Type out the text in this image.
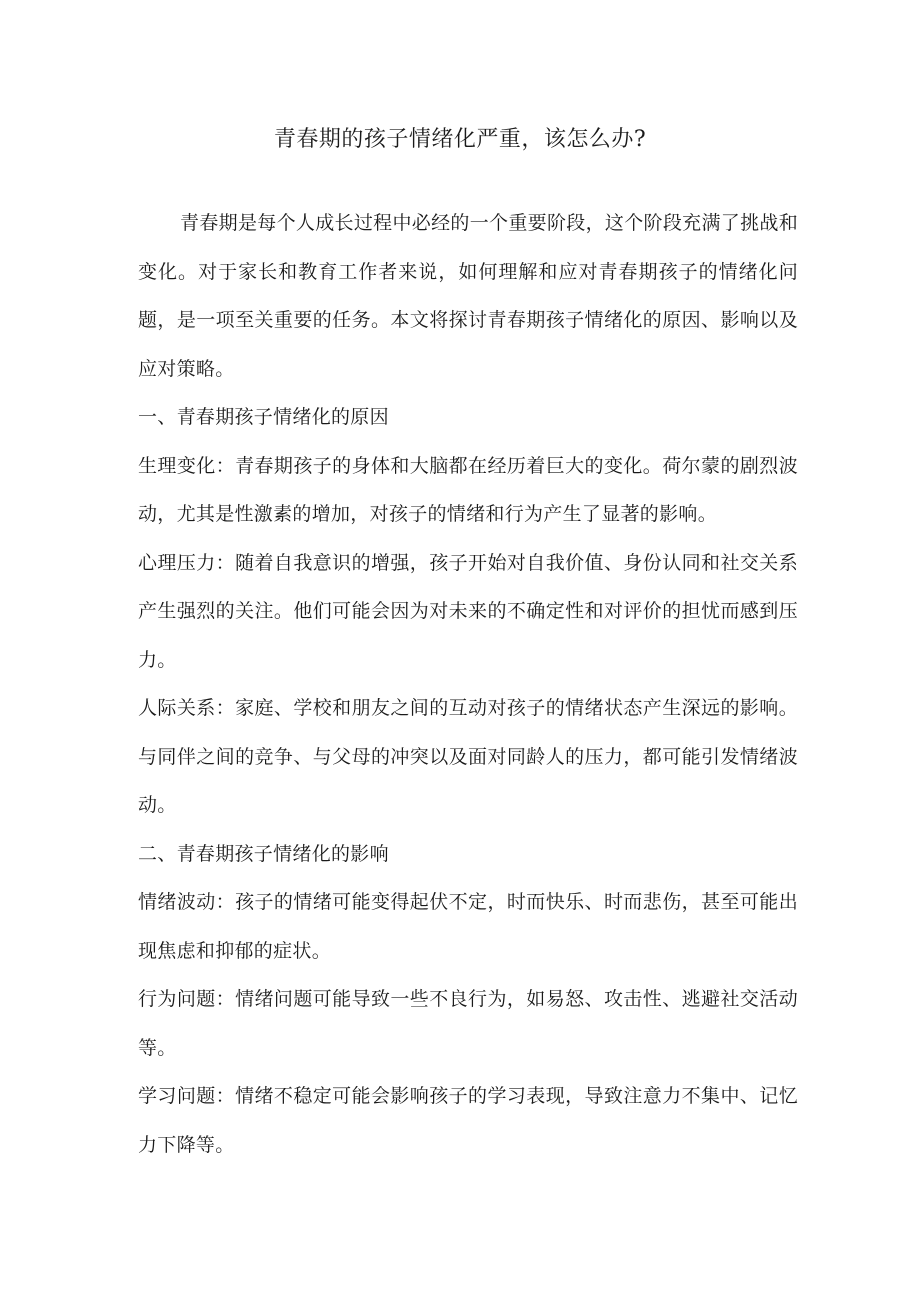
青春期的孩子情绪化严重，该怎么办?

青春期是每个人成长过程中必经的一个重要阶段，这个阶段充满了挑战和变化。对于家长和教育工作者来说，如何理解和应对青春期孩子的情绪化问题，是一项至关重要的任务。本文将探讨青春期孩子情绪化的原因、影响以及应对策略。

一、青春期孩子情绪化的原因

生理变化：青春期孩子的身体和大脑都在经历着巨大的变化。荷尔蒙的剧烈波动，尤其是性激素的增加，对孩子的情绪和行为产生了显著的影响。

心理压力：随着自我意识的增强，孩子开始对自我价值、身份认同和社交关系产生强烈的关注。他们可能会因为对未来的不确定性和对评价的担忧而感到压力。

人际关系：家庭、学校和朋友之间的互动对孩子的情绪状态产生深远的影响。与同伴之间的竞争、与父母的冲突以及面对同龄人的压力，都可能引发情绪波动。

二、青春期孩子情绪化的影响

情绪波动：孩子的情绪可能变得起伏不定，时而快乐、时而悲伤，甚至可能出现焦虑和抑郁的症状。

行为问题：情绪问题可能导致一些不良行为，如易怒、攻击性、逃避社交活动等。

学习问题：情绪不稳定可能会影响孩子的学习表现，导致注意力不集中、记忆力下降等。
